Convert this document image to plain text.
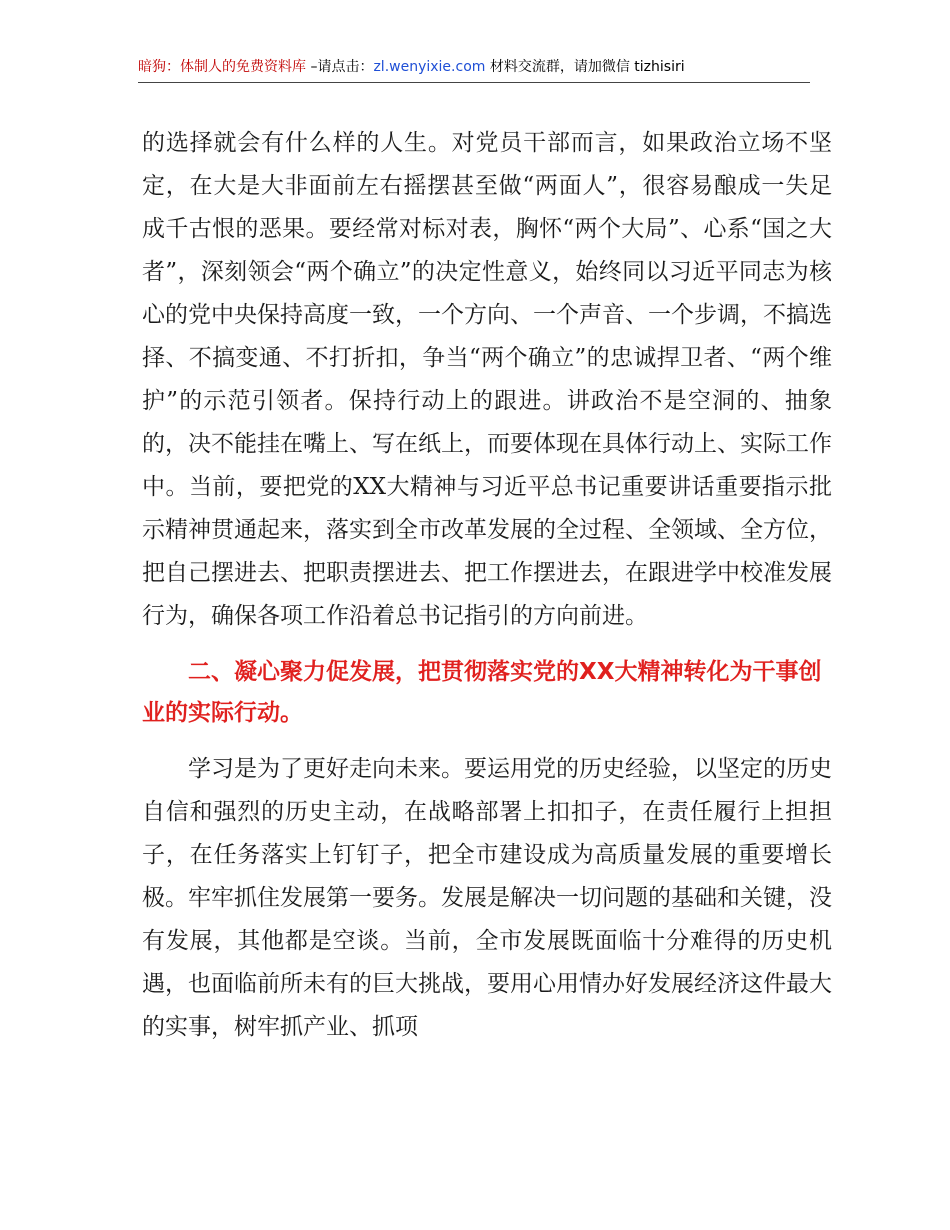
暗狗：体制人的免费资料库 –请点击：zl.wenyixie.com 材料交流群，请加微信 tizhisiri

的选择就会有什么样的人生。对党员干部而言，如果政治立场不坚定，在大是大非面前左右摇摆甚至做“两面人”，很容易酿成一失足成千古恨的恶果。要经常对标对表，胸怀“两个大局”、心系“国之大者”，深刻领会“两个确立”的决定性意义，始终同以习近平同志为核心的党中央保持高度一致，一个方向、一个声音、一个步调，不搞选择、不搞变通、不打折扣，争当“两个确立”的忠诚捍卫者、“两个维护”的示范引领者。保持行动上的跟进。讲政治不是空洞的、抽象的，决不能挂在嘴上、写在纸上，而要体现在具体行动上、实际工作中。当前，要把党的XX大精神与习近平总书记重要讲话重要指示批示精神贯通起来，落实到全市改革发展的全过程、全领域、全方位，把自己摆进去、把职责摆进去、把工作摆进去，在跟进学中校准发展行为，确保各项工作沿着总书记指引的方向前进。

二、凝心聚力促发展，把贯彻落实党的XX大精神转化为干事创业的实际行动。

学习是为了更好走向未来。要运用党的历史经验，以坚定的历史自信和强烈的历史主动，在战略部署上扣扣子，在责任履行上担担子，在任务落实上钉钉子，把全市建设成为高质量发展的重要增长极。牢牢抓住发展第一要务。发展是解决一切问题的基础和关键，没有发展，其他都是空谈。当前，全市发展既面临十分难得的历史机遇，也面临前所未有的巨大挑战，要用心用情办好发展经济这件最大的实事，树牢抓产业、抓项
